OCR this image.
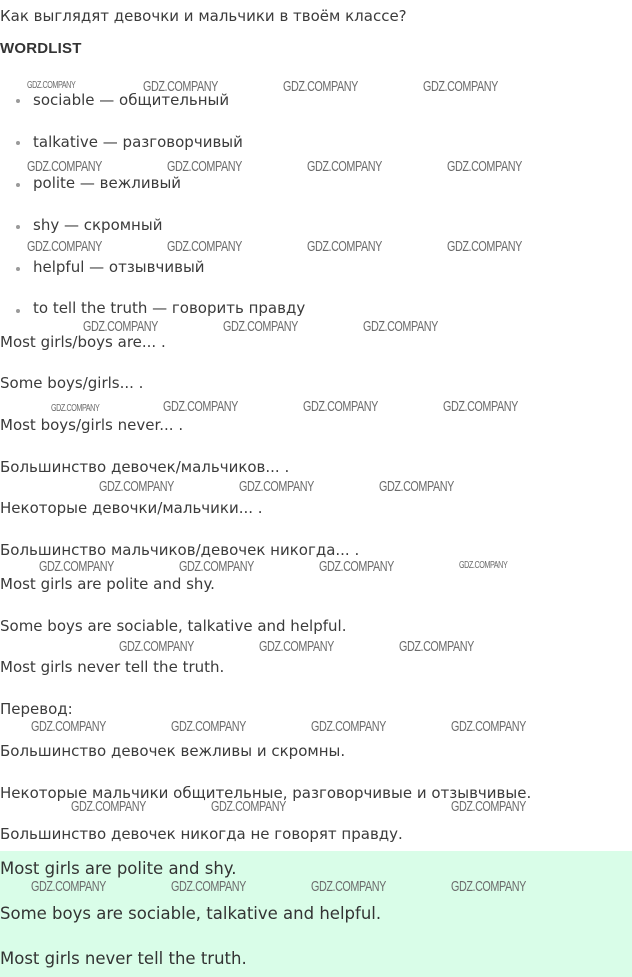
Как выглядят девочки и мальчики в твоём классе?
WORDLIST
sociable — общительный
talkative — разговорчивый
polite — вежливый
shy — скромный
helpful — отзывчивый
to tell the truth — говорить правду
Most girls/boys are... .
Some boys/girls... .
Most boys/girls never... .
Большинство девочек/мальчиков... .
Некоторые девочки/мальчики... .
Большинство мальчиков/девочек никогда... .
Most girls are polite and shy.
Some boys are sociable, talkative and helpful.
Most girls never tell the truth.
Перевод:
Большинство девочек вежливы и скромны.
Некоторые мальчики общительные, разговорчивые и отзывчивые.
Большинство девочек никогда не говорят правду.
Most girls are polite and shy.
Some boys are sociable, talkative and helpful.
Most girls never tell the truth.
GDZ.COMPANY	GDZ.COMPANY	GDZ.COMPANY	GDZ.COMPANY
GDZ.COMPANY	GDZ.COMPANY	GDZ.COMPANY	GDZ.COMPANY
GDZ.COMPANY	GDZ.COMPANY	GDZ.COMPANY	GDZ.COMPANY
GDZ.COMPANY	GDZ.COMPANY	GDZ.COMPANY
GDZ.COMPANY	GDZ.COMPANY	GDZ.COMPANY	GDZ.COMPANY
GDZ.COMPANY	GDZ.COMPANY	GDZ.COMPANY
GDZ.COMPANY	GDZ.COMPANY	GDZ.COMPANY	GDZ.COMPANY
GDZ.COMPANY	GDZ.COMPANY	GDZ.COMPANY
GDZ.COMPANY	GDZ.COMPANY	GDZ.COMPANY	GDZ.COMPANY
GDZ.COMPANY	GDZ.COMPANY	GDZ.COMPANY
GDZ.COMPANY	GDZ.COMPANY	GDZ.COMPANY	GDZ.COMPANY
